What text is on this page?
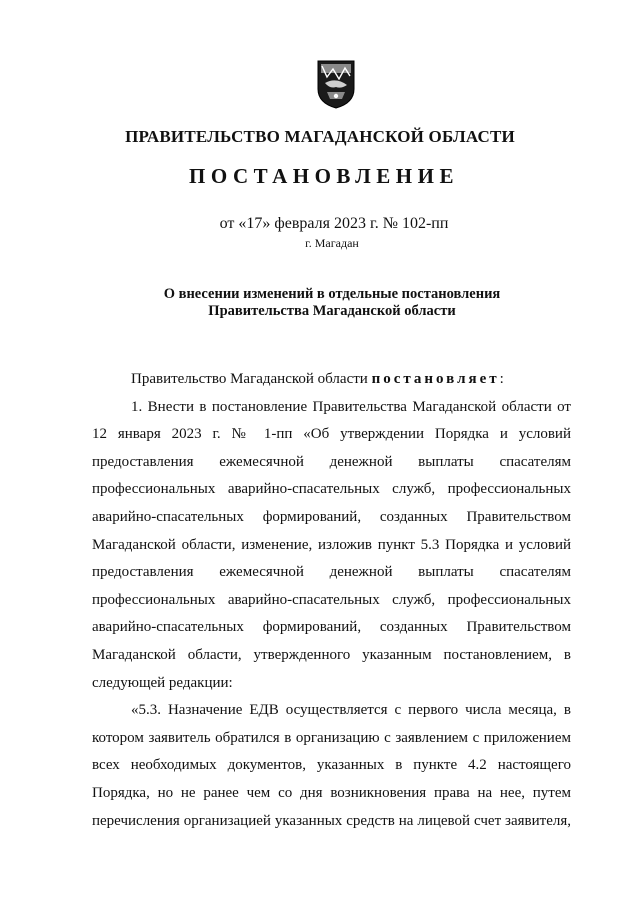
ПРАВИТЕЛЬСТВО МАГАДАНСКОЙ ОБЛАСТИ
ПОСТАНОВЛЕНИЕ
от «17» февраля 2023 г. № 102-пп
г. Магадан
О внесении изменений в отдельные постановления
Правительства Магаданской области

Правительство Магаданской области постановляет:

1. Внести в постановление Правительства Магаданской области от 12 января 2023 г. № 1-пп «Об утверждении Порядка и условий предоставления ежемесячной денежной выплаты спасателям профессиональных аварийно-спасательных служб, профессиональных аварийно-спасательных формирований, созданных Правительством Магаданской области, изменение, изложив пункт 5.3 Порядка и условий предоставления ежемесячной денежной выплаты спасателям профессиональных аварийно-спасательных служб, профессиональных аварийно-спасательных формирований, созданных Правительством Магаданской области, утвержденного указанным постановлением, в следующей редакции:

«5.3. Назначение ЕДВ осуществляется с первого числа месяца, в котором заявитель обратился в организацию с заявлением с приложением всех необходимых документов, указанных в пункте 4.2 настоящего Порядка, но не ранее чем со дня возникновения права на нее, путем перечисления организацией указанных средств на лицевой счет заявителя,
